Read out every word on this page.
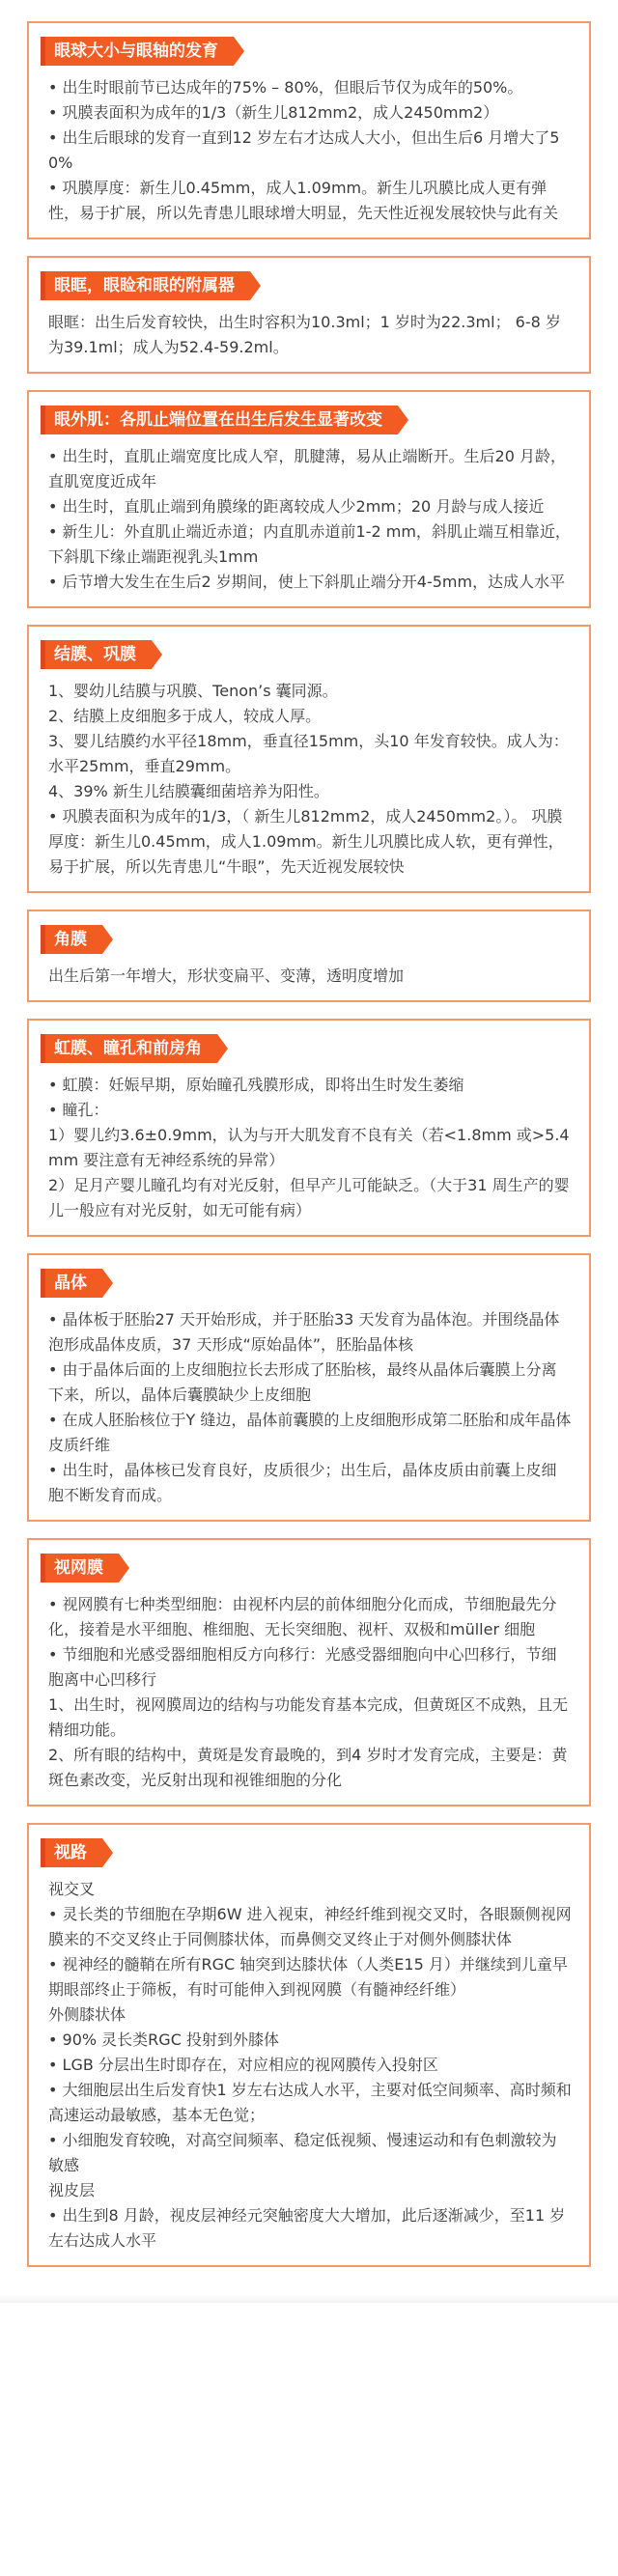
眼球大小与眼轴的发育
• 出生时眼前节已达成年的75% – 80%，但眼后节仅为成年的50%。
• 巩膜表面积为成年的1/3（新生儿812mm2，成人2450mm2）
• 出生后眼球的发育一直到12 岁左右才达成人大小，但出生后6 月增大了50%
• 巩膜厚度：新生儿0.45mm，成人1.09mm。新生儿巩膜比成人更有弹性，易于扩展，所以先青患儿眼球增大明显，先天性近视发展较快与此有关
眼眶，眼睑和眼的附属器
眼眶：出生后发育较快，出生时容积为10.3ml；1 岁时为22.3ml； 6-8 岁为39.1ml；成人为52.4-59.2ml。
眼外肌：各肌止端位置在出生后发生显著改变
• 出生时，直肌止端宽度比成人窄，肌腱薄，易从止端断开。生后20 月龄，直肌宽度近成年
• 出生时，直肌止端到角膜缘的距离较成人少2mm；20 月龄与成人接近
• 新生儿：外直肌止端近赤道；内直肌赤道前1-2 mm，斜肌止端互相靠近，下斜肌下缘止端距视乳头1mm
• 后节增大发生在生后2 岁期间，使上下斜肌止端分开4-5mm，达成人水平
结膜、巩膜
1、婴幼儿结膜与巩膜、Tenon’s 囊同源。
2、结膜上皮细胞多于成人，较成人厚。
3、婴儿结膜约水平径18mm，垂直径15mm，头10 年发育较快。成人为：水平25mm，垂直29mm。
4、39% 新生儿结膜囊细菌培养为阳性。
• 巩膜表面积为成年的1/3，（ 新生儿812mm2，成人2450mm2。）。 巩膜厚度：新生儿0.45mm，成人1.09mm。新生儿巩膜比成人软，更有弹性，易于扩展，所以先青患儿“牛眼”，先天近视发展较快
角膜
出生后第一年增大，形状变扁平、变薄，透明度增加
虹膜、瞳孔和前房角
• 虹膜：妊娠早期，原始瞳孔残膜形成，即将出生时发生萎缩
• 瞳孔：
1）婴儿约3.6±0.9mm，认为与开大肌发育不良有关（若<1.8mm 或>5.4mm 要注意有无神经系统的异常）
2）足月产婴儿瞳孔均有对光反射，但早产儿可能缺乏。（大于31 周生产的婴儿一般应有对光反射，如无可能有病）
晶体
• 晶体板于胚胎27 天开始形成，并于胚胎33 天发育为晶体泡。并围绕晶体泡形成晶体皮质，37 天形成“原始晶体”，胚胎晶体核
• 由于晶体后面的上皮细胞拉长去形成了胚胎核，最终从晶体后囊膜上分离下来，所以，晶体后囊膜缺少上皮细胞
• 在成人胚胎核位于Y 缝边，晶体前囊膜的上皮细胞形成第二胚胎和成年晶体皮质纤维
• 出生时，晶体核已发育良好，皮质很少；出生后，晶体皮质由前囊上皮细胞不断发育而成。
视网膜
• 视网膜有七种类型细胞：由视杯内层的前体细胞分化而成，节细胞最先分化，接着是水平细胞、椎细胞、无长突细胞、视杆、双极和müller 细胞
• 节细胞和光感受器细胞相反方向移行：光感受器细胞向中心凹移行，节细胞离中心凹移行
1、出生时，视网膜周边的结构与功能发育基本完成，但黄斑区不成熟，且无精细功能。
2、所有眼的结构中，黄斑是发育最晚的，到4 岁时才发育完成，主要是：黄斑色素改变，光反射出现和视锥细胞的分化
视路
视交叉
• 灵长类的节细胞在孕期6W 进入视束，神经纤维到视交叉时，各眼颞侧视网膜来的不交叉终止于同侧膝状体，而鼻侧交叉终止于对侧外侧膝状体
• 视神经的髓鞘在所有RGC 轴突到达膝状体（人类E15 月）并继续到儿童早期眼部终止于筛板，有时可能伸入到视网膜（有髓神经纤维）
外侧膝状体
• 90% 灵长类RGC 投射到外膝体
• LGB 分层出生时即存在，对应相应的视网膜传入投射区
• 大细胞层出生后发育快1 岁左右达成人水平，主要对低空间频率、高时频和高速运动最敏感，基本无色觉；
• 小细胞发育较晚，对高空间频率、稳定低视频、慢速运动和有色刺激较为敏感
视皮层
• 出生到8 月龄，视皮层神经元突触密度大大增加，此后逐渐减少，至11 岁左右达成人水平
